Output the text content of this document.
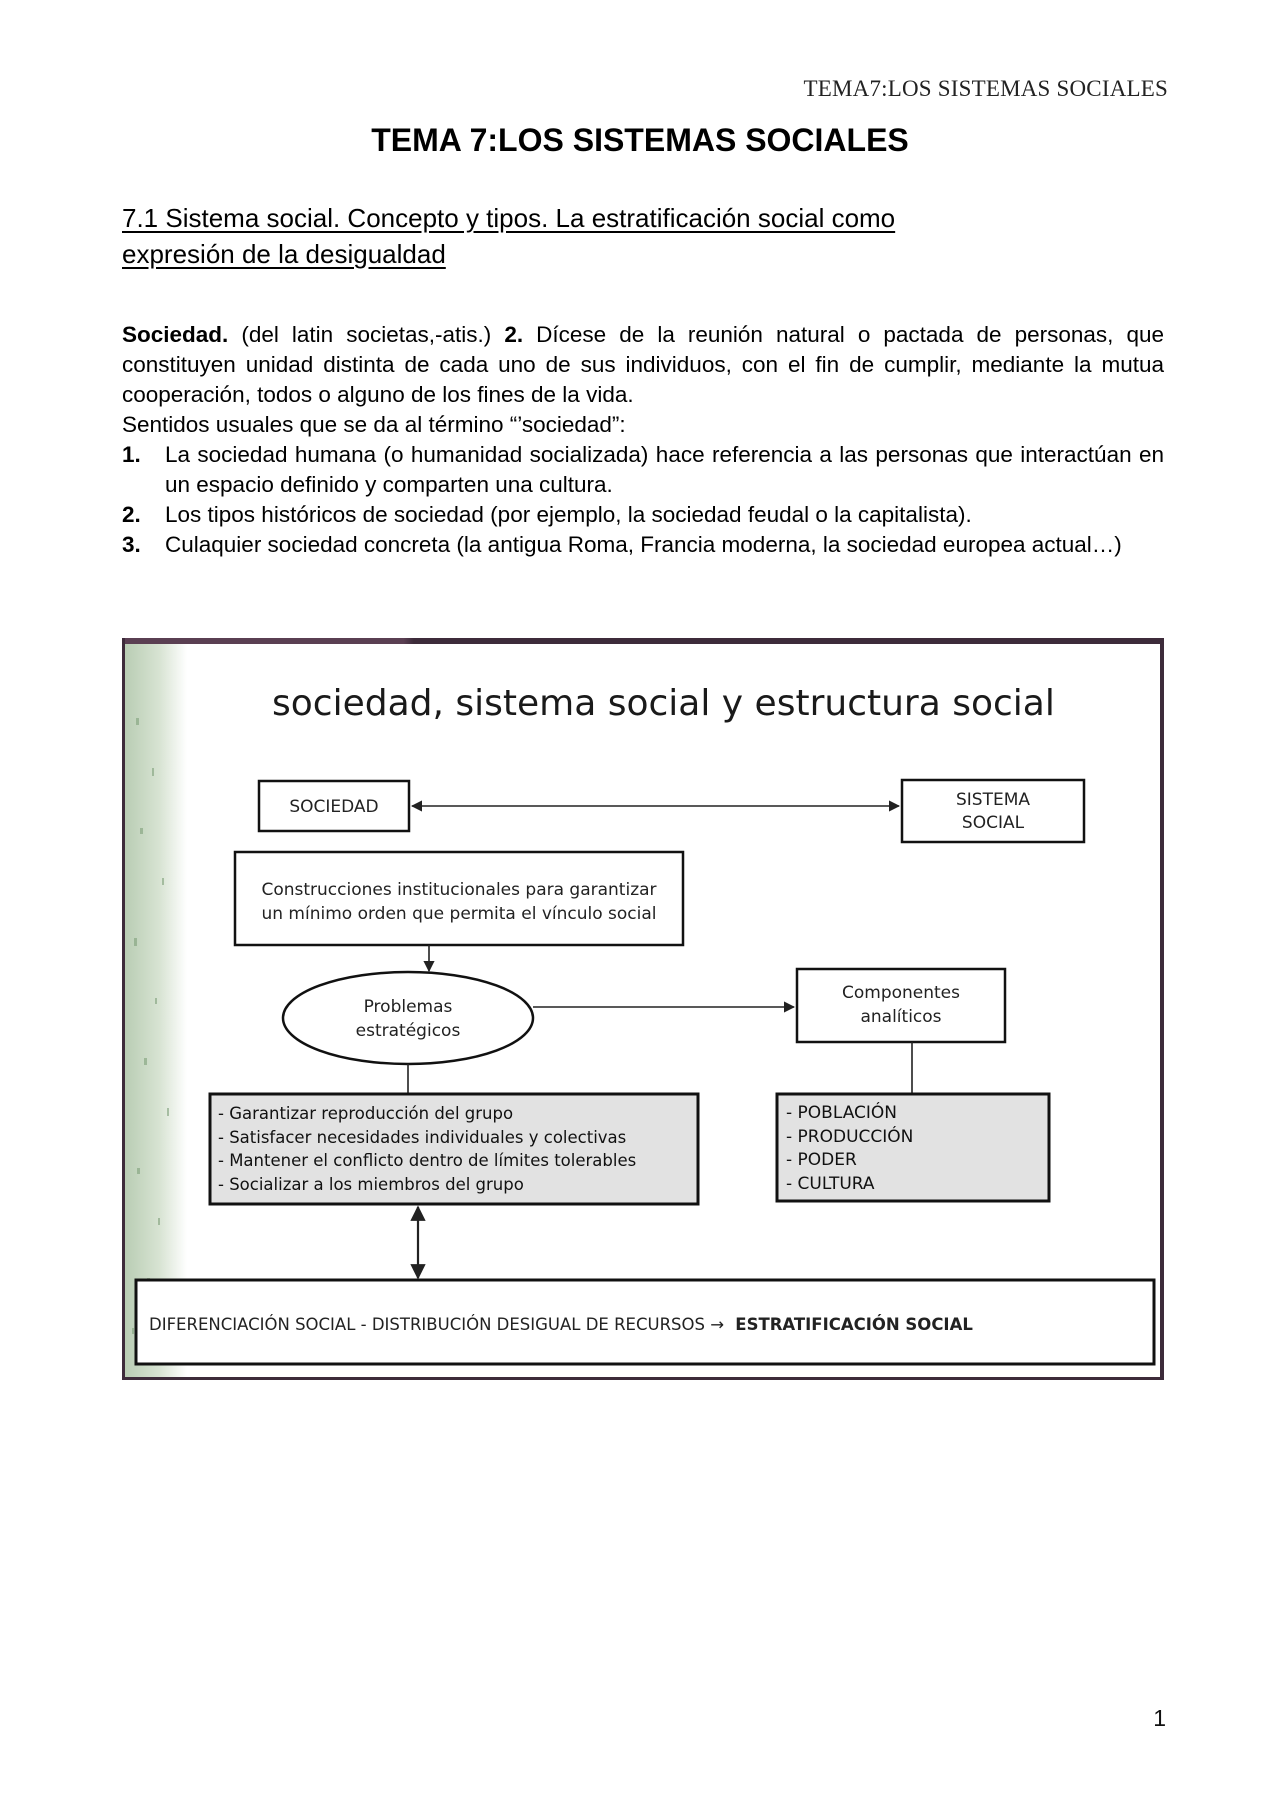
TEMA7:LOS SISTEMAS SOCIALES
TEMA 7:LOS SISTEMAS SOCIALES
7.1 Sistema social. Concepto y tipos. La estratificación social como
expresión de la desigualdad

Sociedad. (del latin societas,-atis.) 2. Dícese de la reunión natural o pactada de personas, que constituyen unidad distinta de cada uno de sus individuos, con el fin de cumplir, mediante la mutua cooperación, todos o alguno de los fines de la vida.

Sentidos usuales que se da al término “’sociedad”:

1. La sociedad humana (o humanidad socializada) hace referencia a las personas que interactúan en un espacio definido y comparten una cultura.
2. Los tipos históricos de sociedad (por ejemplo, la sociedad feudal o la capitalista).
3. Culaquier sociedad concreta (la antigua Roma, Francia moderna, la sociedad europea actual…)
sociedad, sistema social y estructura social
SOCIEDAD	SISTEMA
SOCIAL
Construcciones institucionales para garantizar
un mínimo orden que permita el vínculo social
Problemas
estratégicos
Componentes
analíticos
- Garantizar reproducción del grupo
- Satisfacer necesidades individuales y colectivas
- Mantener el conflicto dentro de límites tolerables
- Socializar a los miembros del grupo
- POBLACIÓN
- PRODUCCIÓN
- PODER
- CULTURA
DIFERENCIACIÓN SOCIAL - DISTRIBUCIÓN DESIGUAL DE RECURSOS → ESTRATIFICACIÓN SOCIAL
1
